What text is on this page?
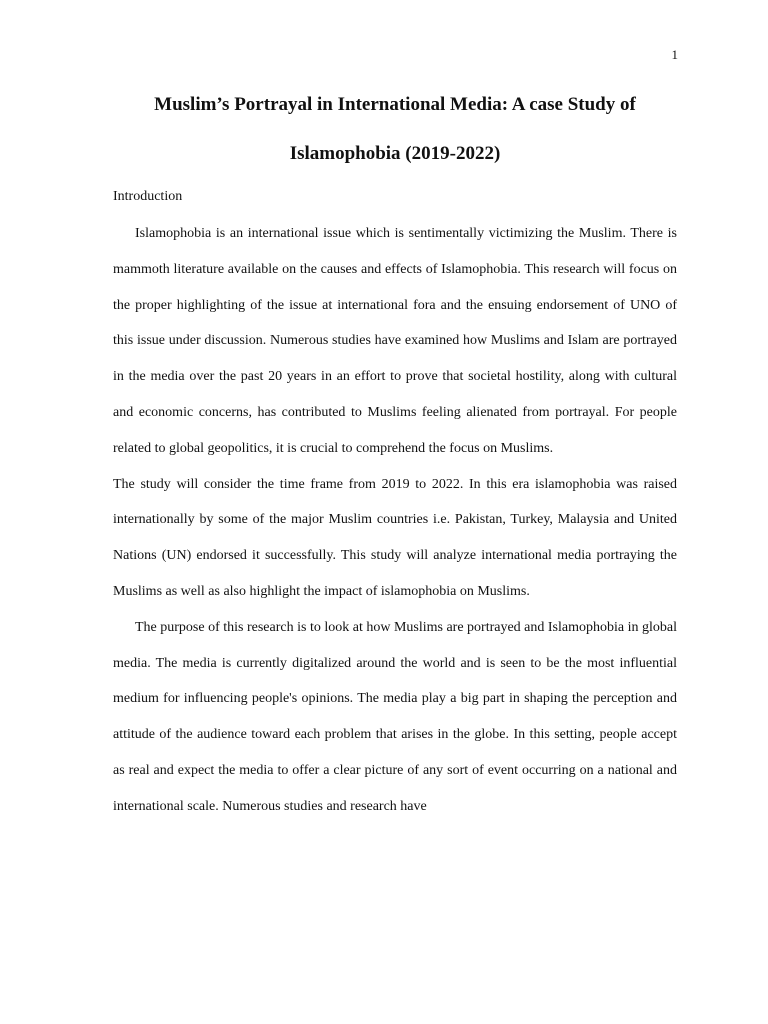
1
Muslim’s Portrayal in International Media: A case Study of
Islamophobia (2019-2022)
Introduction

Islamophobia is an international issue which is sentimentally victimizing the Muslim. There is mammoth literature available on the causes and effects of Islamophobia. This research will focus on the proper highlighting of the issue at international fora and the ensuing endorsement of UNO of this issue under discussion. Numerous studies have examined how Muslims and Islam are portrayed in the media over the past 20 years in an effort to prove that societal hostility, along with cultural and economic concerns, has contributed to Muslims feeling alienated from portrayal. For people related to global geopolitics, it is crucial to comprehend the focus on Muslims.

The study will consider the time frame from 2019 to 2022. In this era islamophobia was raised internationally by some of the major Muslim countries i.e. Pakistan, Turkey, Malaysia and United Nations (UN) endorsed it successfully. This study will analyze international media portraying the Muslims as well as also highlight the impact of islamophobia on Muslims.

The purpose of this research is to look at how Muslims are portrayed and Islamophobia in global media. The media is currently digitalized around the world and is seen to be the most influential medium for influencing people's opinions. The media play a big part in shaping the perception and attitude of the audience toward each problem that arises in the globe. In this setting, people accept as real and expect the media to offer a clear picture of any sort of event occurring on a national and international scale. Numerous studies and research have
